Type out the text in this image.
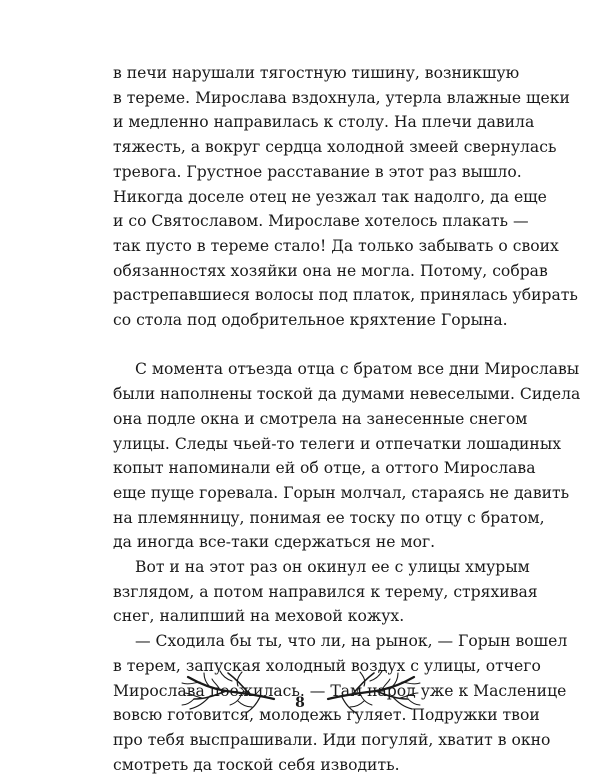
в печи нарушали тягостную тишину, возникшую
в тереме. Мирослава вздохнула, утерла влажные щеки
и медленно направилась к столу. На плечи давила
тяжесть, а вокруг сердца холодной змеей свернулась
тревога. Грустное расставание в этот раз вышло.
Никогда доселе отец не уезжал так надолго, да еще
и со Святославом. Мирославе хотелось плакать —
так пусто в тереме стало! Да только забывать о своих
обязанностях хозяйки она не могла. Потому, собрав
растрепавшиеся волосы под платок, принялась убирать
со стола под одобрительное кряхтение Горына.

С момента отъезда отца с братом все дни Мирославы
были наполнены тоской да думами невеселыми. Сидела
она подле окна и смотрела на занесенные снегом
улицы. Следы чьей-то телеги и отпечатки лошадиных
копыт напоминали ей об отце, а оттого Мирослава
еще пуще горевала. Горын молчал, стараясь не давить
на племянницу, понимая ее тоску по отцу с братом,
да иногда все-таки сдержаться не мог.

Вот и на этот раз он окинул ее с улицы хмурым
взглядом, а потом направился к терему, стряхивая
снег, налипший на меховой кожух.

— Сходила бы ты, что ли, на рынок, — Горын вошел
в терем, запуская холодный воздух с улицы, отчего
Мирослава поежилась. — Там народ уже к Масленице
вовсю готовится, молодежь гуляет. Подружки твои
про тебя выспрашивали. Иди погуляй, хватит в окно
смотреть да тоской себя изводить.

8
